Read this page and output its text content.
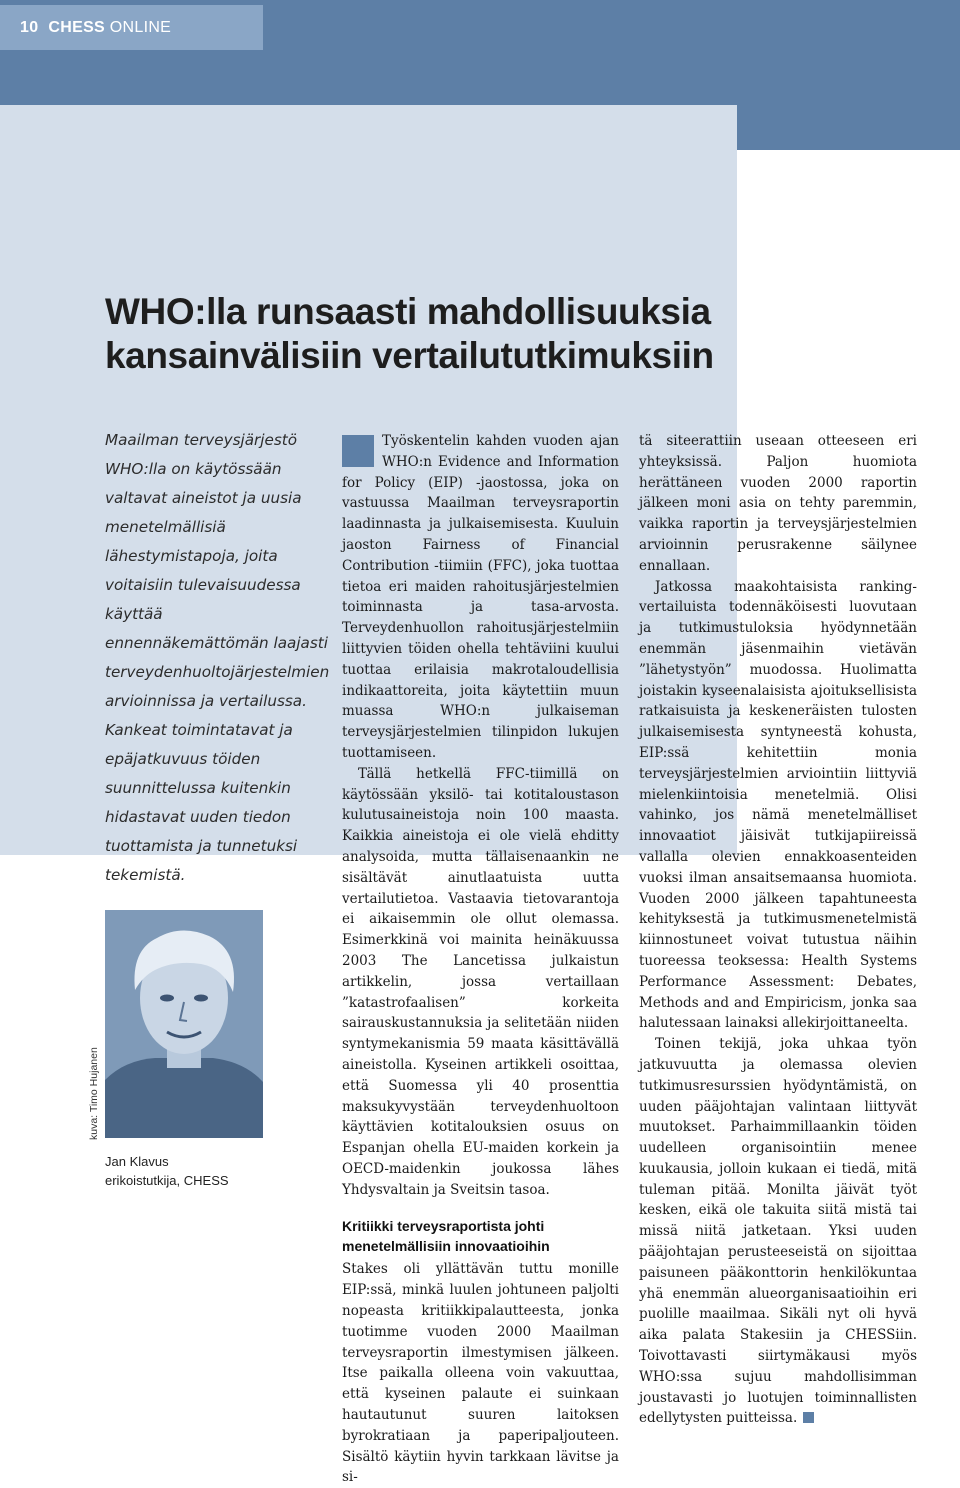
10 CHESS ONLINE
WHO:lla runsaasti mahdollisuuksia
kansainvälisiin vertailututkimuksiin

Maailman terveysjärjestö WHO:lla on käytössään valtavat aineistot ja uusia menetelmällisiä lähestymistapoja, joita voitaisiin tulevaisuudessa käyttää ennennäkemättömän laajasti terveydenhuoltojärjestelmien arvioinnissa ja vertailussa. Kankeat toimintatavat ja epäjatkuvuus töiden suunnittelussa kuitenkin hidastavat uuden tiedon tuottamista ja tunnetuksi tekemistä.

kuva: Timo Hujanen
Jan Klavus
erikoistutkija, CHESS

Työskentelin kahden vuoden ajan WHO:n Evidence and Information for Policy (EIP) -jaostossa, joka on vastuussa Maailman terveysraportin laadinnasta ja julkaisemisesta. Kuuluin jaoston Fairness of Financial Contribution -tiimiin (FFC), joka tuottaa tietoa eri maiden rahoitusjärjestelmien toiminnasta ja tasa-arvosta. Terveydenhuollon rahoitusjärjestelmiin liittyvien töiden ohella tehtäviini kuului tuottaa erilaisia makrotaloudellisia indikaattoreita, joita käytettiin muun muassa WHO:n julkaiseman terveysjärjestelmien tilinpidon lukujen tuottamiseen.

Tällä hetkellä FFC-tiimillä on käytössään yksilö- tai kotitaloustason kulutusaineistoja noin 100 maasta. Kaikkia aineistoja ei ole vielä ehditty analysoida, mutta tällaisenaankin ne sisältävät ainutlaatuista uutta vertailutietoa. Vastaavia tietovarantoja ei aikaisemmin ole ollut olemassa. Esimerkkinä voi mainita heinäkuussa 2003 The Lancetissa julkaistun artikkelin, jossa vertaillaan ”katastrofaalisen” korkeita sairauskustannuksia ja selitetään niiden syntymekanismia 59 maata käsittävällä aineistolla. Kyseinen artikkeli osoittaa, että Suomessa yli 40 prosenttia maksukyvystään terveydenhuoltoon käyttävien kotitalouksien osuus on Espanjan ohella EU-maiden korkein ja OECD-maidenkin joukossa lähes Yhdysvaltain ja Sveitsin tasoa.

Kritiikki terveysraportista johti menetelmällisiin innovaatioihin

Stakes oli yllättävän tuttu monille EIP:ssä, minkä luulen johtuneen paljolti nopeasta kritiikkipalautteesta, jonka tuotimme vuoden 2000 Maailman terveysraportin ilmestymisen jälkeen. Itse paikalla olleena voin vakuuttaa, että kyseinen palaute ei suinkaan hautautunut suuren laitoksen byrokratiaan ja paperipaljouteen. Sisältö käytiin hyvin tarkkaan lävitse ja si-

tä siteerattiin useaan otteeseen eri yhteyksissä. Paljon huomiota herättäneen vuoden 2000 raportin jälkeen moni asia on tehty paremmin, vaikka raportin ja terveysjärjestelmien arvioinnin perusrakenne säilynee ennallaan.

Jatkossa maakohtaisista ranking-vertailuista todennäköisesti luovutaan ja tutkimustuloksia hyödynnetään enemmän jäsenmaihin vietävän ”lähetystyön” muodossa. Huolimatta joistakin kyseenalaisista ajoituksellisista ratkaisuista ja keskeneräisten tulosten julkaisemisesta syntyneestä kohusta, EIP:ssä kehitettiin monia terveysjärjestelmien arviointiin liittyviä mielenkiintoisia menetelmiä. Olisi vahinko, jos nämä menetelmälliset innovaatiot jäisivät tutkijapiireissä vallalla olevien ennakkoasenteiden vuoksi ilman ansaitsemaansa huomiota. Vuoden 2000 jälkeen tapahtuneesta kehityksestä ja tutkimusmenetelmistä kiinnostuneet voivat tutustua näihin tuoreessa teoksessa: Health Systems Performance Assessment: Debates, Methods and and Empiricism, jonka saa halutessaan lainaksi allekirjoittaneelta.

Toinen tekijä, joka uhkaa työn jatkuvuutta ja olemassa olevien tutkimusresurssien hyödyntämistä, on uuden pääjohtajan valintaan liittyvät muutokset. Parhaimmillaankin töiden uudelleen organisointiin menee kuukausia, jolloin kukaan ei tiedä, mitä tuleman pitää. Monilta jäivät työt kesken, eikä ole takuita siitä mistä tai missä niitä jatketaan. Yksi uuden pääjohtajan perusteeseistä on sijoittaa paisuneen pääkonttorin henkilökuntaa yhä enemmän alueorganisaatioihin eri puolille maailmaa. Sikäli nyt oli hyvä aika palata Stakesiin ja CHESSiin. Toivottavasti siirtymäkausi myös WHO:ssa sujuu mahdollisimman joustavasti jo luotujen toiminnallisten edellytysten puitteissa.
